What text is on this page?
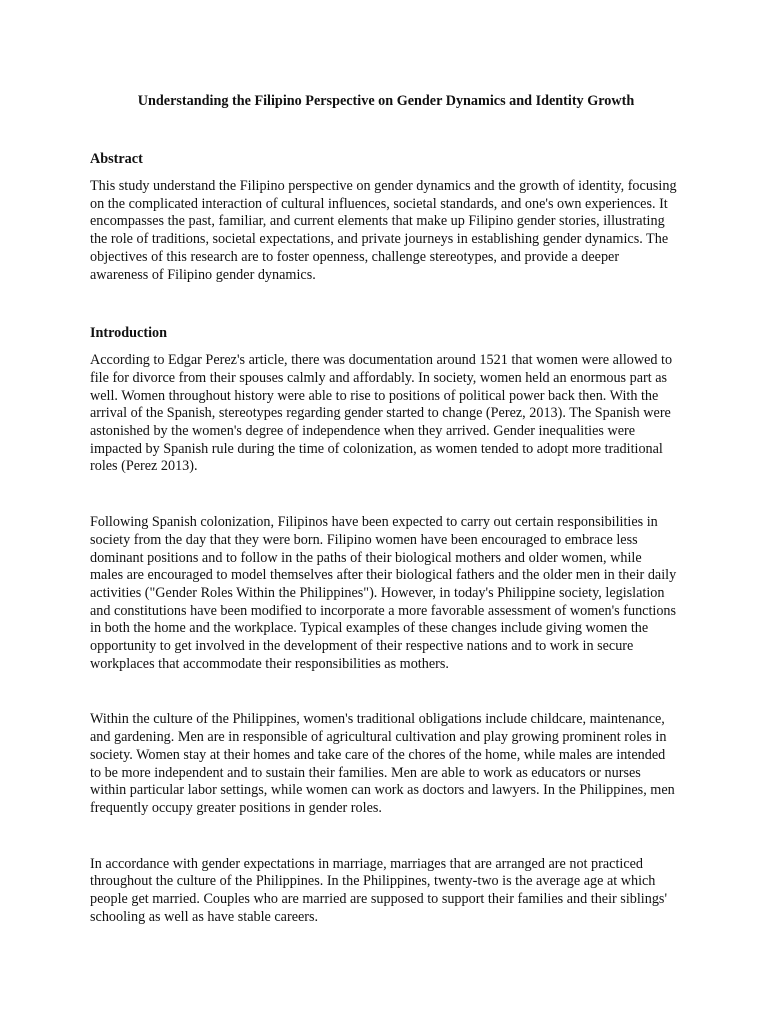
Understanding the Filipino Perspective on Gender Dynamics and Identity Growth
Abstract

This study understand the Filipino perspective on gender dynamics and the growth of identity, focusing on the complicated interaction of cultural influences, societal standards, and one's own experiences. It encompasses the past, familiar, and current elements that make up Filipino gender stories, illustrating the role of traditions, societal expectations, and private journeys in establishing gender dynamics. The objectives of this research are to foster openness, challenge stereotypes, and provide a deeper awareness of Filipino gender dynamics.

Introduction

According to Edgar Perez's article, there was documentation around 1521 that women were allowed to file for divorce from their spouses calmly and affordably. In society, women held an enormous part as well. Women throughout history were able to rise to positions of political power back then. With the arrival of the Spanish, stereotypes regarding gender started to change (Perez, 2013). The Spanish were astonished by the women's degree of independence when they arrived. Gender inequalities were impacted by Spanish rule during the time of colonization, as women tended to adopt more traditional roles (Perez 2013).

Following Spanish colonization, Filipinos have been expected to carry out certain responsibilities in society from the day that they were born. Filipino women have been encouraged to embrace less dominant positions and to follow in the paths of their biological mothers and older women, while males are encouraged to model themselves after their biological fathers and the older men in their daily activities ("Gender Roles Within the Philippines"). However, in today's Philippine society, legislation and constitutions have been modified to incorporate a more favorable assessment of women's functions in both the home and the workplace. Typical examples of these changes include giving women the opportunity to get involved in the development of their respective nations and to work in secure workplaces that accommodate their responsibilities as mothers.

Within the culture of the Philippines, women's traditional obligations include childcare, maintenance, and gardening. Men are in responsible of agricultural cultivation and play growing prominent roles in society. Women stay at their homes and take care of the chores of the home, while males are intended to be more independent and to sustain their families. Men are able to work as educators or nurses within particular labor settings, while women can work as doctors and lawyers. In the Philippines, men frequently occupy greater positions in gender roles.

In accordance with gender expectations in marriage, marriages that are arranged are not practiced throughout the culture of the Philippines. In the Philippines, twenty-two is the average age at which people get married. Couples who are married are supposed to support their families and their siblings' schooling as well as have stable careers.
